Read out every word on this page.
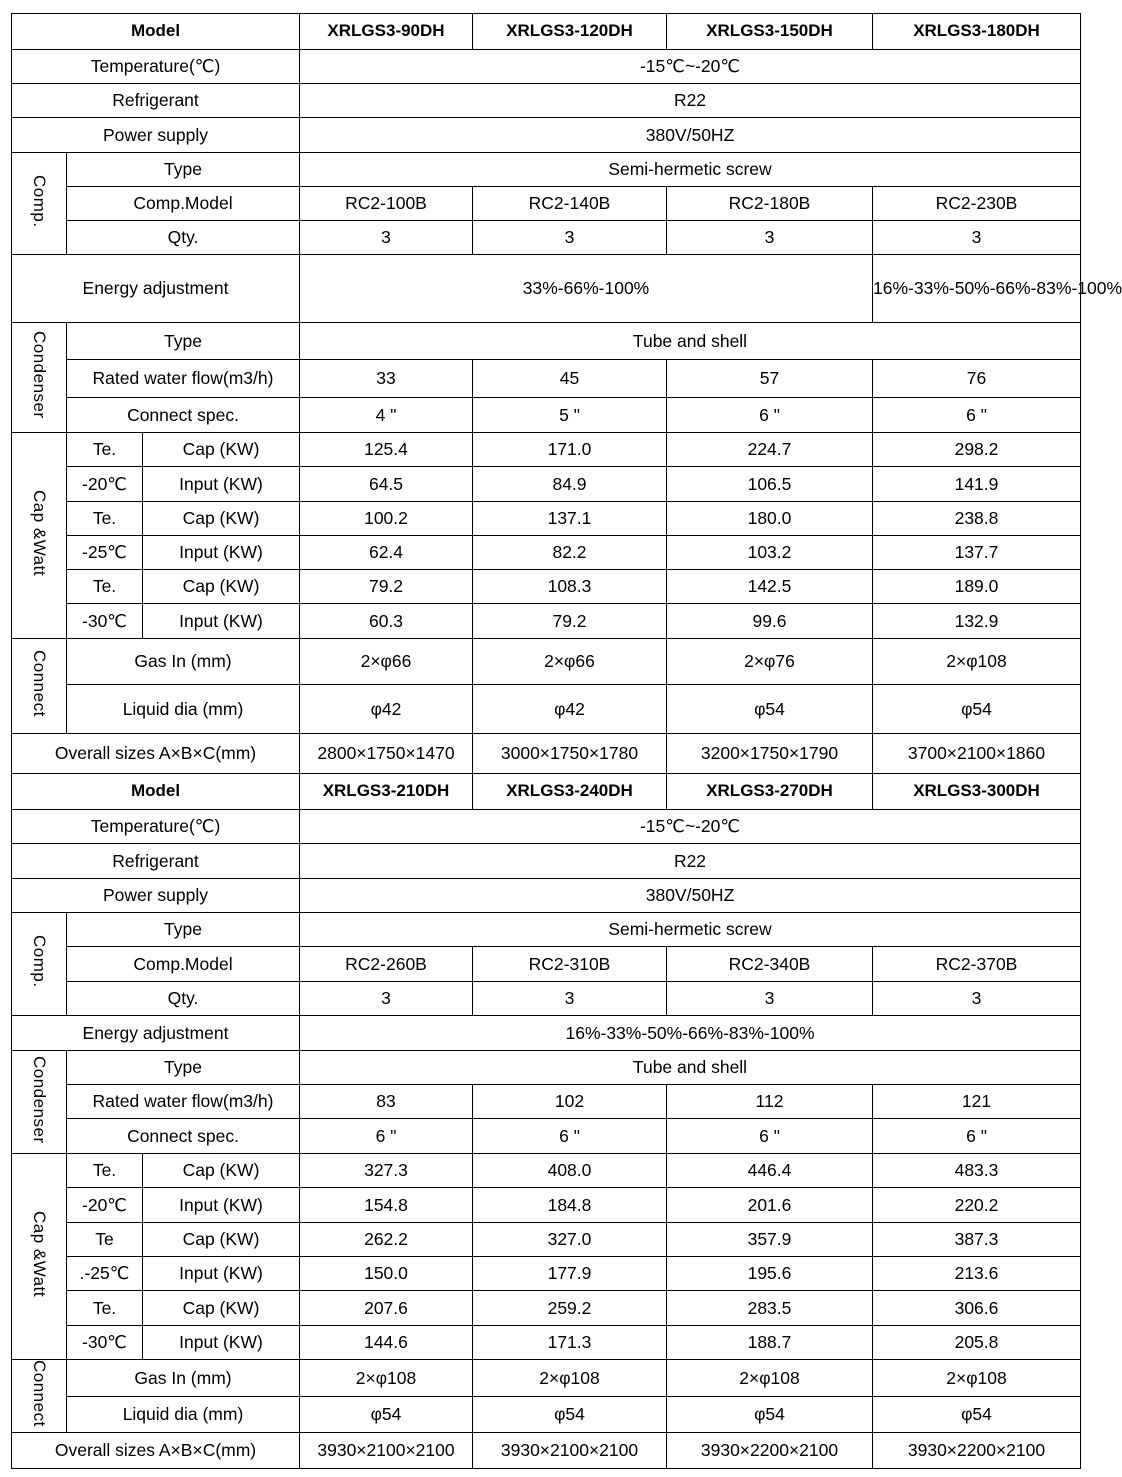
Model			XRLGS3-90DH	XRLGS3-120DH	XRLGS3-150DH	XRLGS3-180DH
Temperature(℃)			-15℃~-20℃			
Refrigerant			R22			
Power supply			380V/50HZ			
Comp.	Type		Semi-hermetic screw			
	Comp.Model		RC2-100B	RC2-140B	RC2-180B	RC2-230B
	Qty.		3	3	3	3
Energy adjustment			33%-66%-100%			16%-33%-50%-66%-83%-100%
Condenser	Type		Tube and shell			
	Rated water flow(m3/h)		33	45	57	76
	Connect spec.		4 "	5 "	6 "	6 "
Cap &Watt	Te.	Cap (KW)	125.4	171.0	224.7	298.2
	-20℃	Input (KW)	64.5	84.9	106.5	141.9
	Te.	Cap (KW)	100.2	137.1	180.0	238.8
	-25℃	Input (KW)	62.4	82.2	103.2	137.7
	Te.	Cap (KW)	79.2	108.3	142.5	189.0
	-30℃	Input (KW)	60.3	79.2	99.6	132.9
Connect	Gas In (mm)		2×φ66	2×φ66	2×φ76	2×φ108
	Liquid dia (mm)		φ42	φ42	φ54	φ54
Overall sizes A×B×C(mm)			2800×1750×1470	3000×1750×1780	3200×1750×1790	3700×2100×1860
Model			XRLGS3-210DH	XRLGS3-240DH	XRLGS3-270DH	XRLGS3-300DH
Temperature(℃)			-15℃~-20℃			
Refrigerant			R22			
Power supply			380V/50HZ			
Comp.	Type		Semi-hermetic screw			
	Comp.Model		RC2-260B	RC2-310B	RC2-340B	RC2-370B
	Qty.		3	3	3	3
Energy adjustment			16%-33%-50%-66%-83%-100%			
Condenser	Type		Tube and shell			
	Rated water flow(m3/h)		83	102	112	121
	Connect spec.		6 "	6 "	6 "	6 "
Cap &Watt	Te.	Cap (KW)	327.3	408.0	446.4	483.3
	-20℃	Input (KW)	154.8	184.8	201.6	220.2
	Te	Cap (KW)	262.2	327.0	357.9	387.3
	.-25℃	Input (KW)	150.0	177.9	195.6	213.6
	Te.	Cap (KW)	207.6	259.2	283.5	306.6
	-30℃	Input (KW)	144.6	171.3	188.7	205.8
Connect	Gas In (mm)		2×φ108	2×φ108	2×φ108	2×φ108
	Liquid dia (mm)		φ54	φ54	φ54	φ54
Overall sizes A×B×C(mm)			3930×2100×2100	3930×2100×2100	3930×2200×2100	3930×2200×2100
